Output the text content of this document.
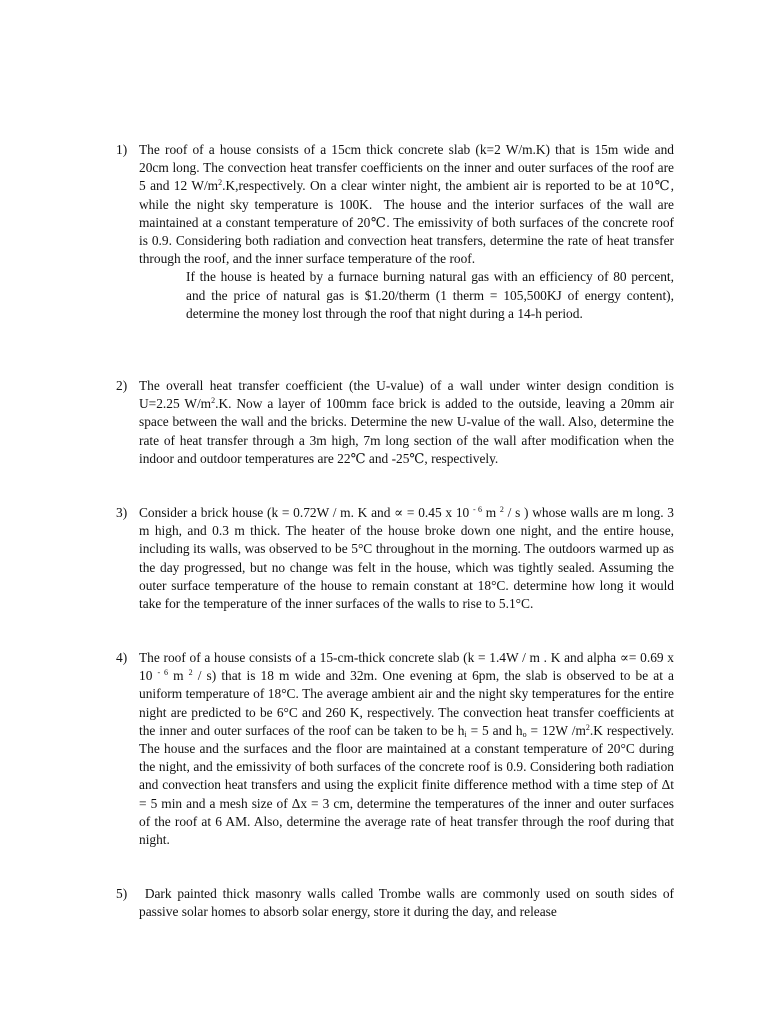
1) The roof of a house consists of a 15cm thick concrete slab (k=2 W/m.K) that is 15m wide and 20cm long. The convection heat transfer coefficients on the inner and outer surfaces of the roof are 5 and 12 $W/m^2.K,respectively$. On a clear winter night, the ambient air is reported to be at 10℃, while the night sky temperature is 100K.  The house and the interior surfaces of the wall are maintained at a constant temperature of 20℃. The emissivity of both surfaces of the concrete roof is 0.9. Considering both radiation and convection heat transfers, determine the rate of heat transfer through the roof, and the inner surface temperature of the roof.
If the house is heated by a furnace burning natural gas with an efficiency of 80 percent, and the price of natural gas is $1.20/therm (1 therm = 105,500KJ of energy content), determine the money lost through the roof that night during a 14-h period.
2) The overall heat transfer coefficient (the U-value) of a wall under winter design condition is U=2.25 $W/m^2.K$. Now a layer of 100mm face brick is added to the outside, leaving a 20mm air space between the wall and the bricks. Determine the new U-value of the wall. Also, determine the rate of heat transfer through a 3m high, 7m long section of the wall after modification when the indoor and outdoor temperatures are 22℃ and -25℃, respectively.
3) Consider a brick house (k = 0.72W / m. K and ∝ = 0.45 x 10 $^{- 6}$ m $^2$ / s ) whose walls are m long. 3 m high, and 0.3 m thick. The heater of the house broke down one night, and the entire house, including its walls, was observed to be 5°C throughout in the morning. The outdoors warmed up as the day progressed, but no change was felt in the house, which was tightly sealed. Assuming the outer surface temperature of the house to remain constant at 18°C. determine how long it would take for the temperature of the inner surfaces of the walls to rise to 5.1°C.
4) The roof of a house consists of a 15-cm-thick concrete slab (k = 1.4W / m . K and alpha ∝= 0.69 x 10 $^{- 6}$ m $^2$ / s) that is 18 m wide and 32m. One evening at 6pm, the slab is observed to be at a uniform temperature of 18°C. The average ambient air and the night sky temperatures for the entire night are predicted to be 6°C and 260 K, respectively. The convection heat transfer coefficients at the inner and outer surfaces of the roof can be taken to be $h_i = 5$ and $h_o = 12W$ $/m^2.K$ respectively. The house and the surfaces and the floor are maintained at a constant temperature of 20°C during the night, and the emissivity of both surfaces of the concrete roof is 0.9. Considering both radiation and convection heat transfers and using the explicit finite difference method with a time step of Δt = 5 min and a mesh size of Δx = 3 cm, determine the temperatures of the inner and outer surfaces of the roof at 6 AM. Also, determine the average rate of heat transfer through the roof during that night.
5) Dark painted thick masonry walls called Trombe walls are commonly used on south sides of passive solar homes to absorb solar energy, store it during the day, and release
